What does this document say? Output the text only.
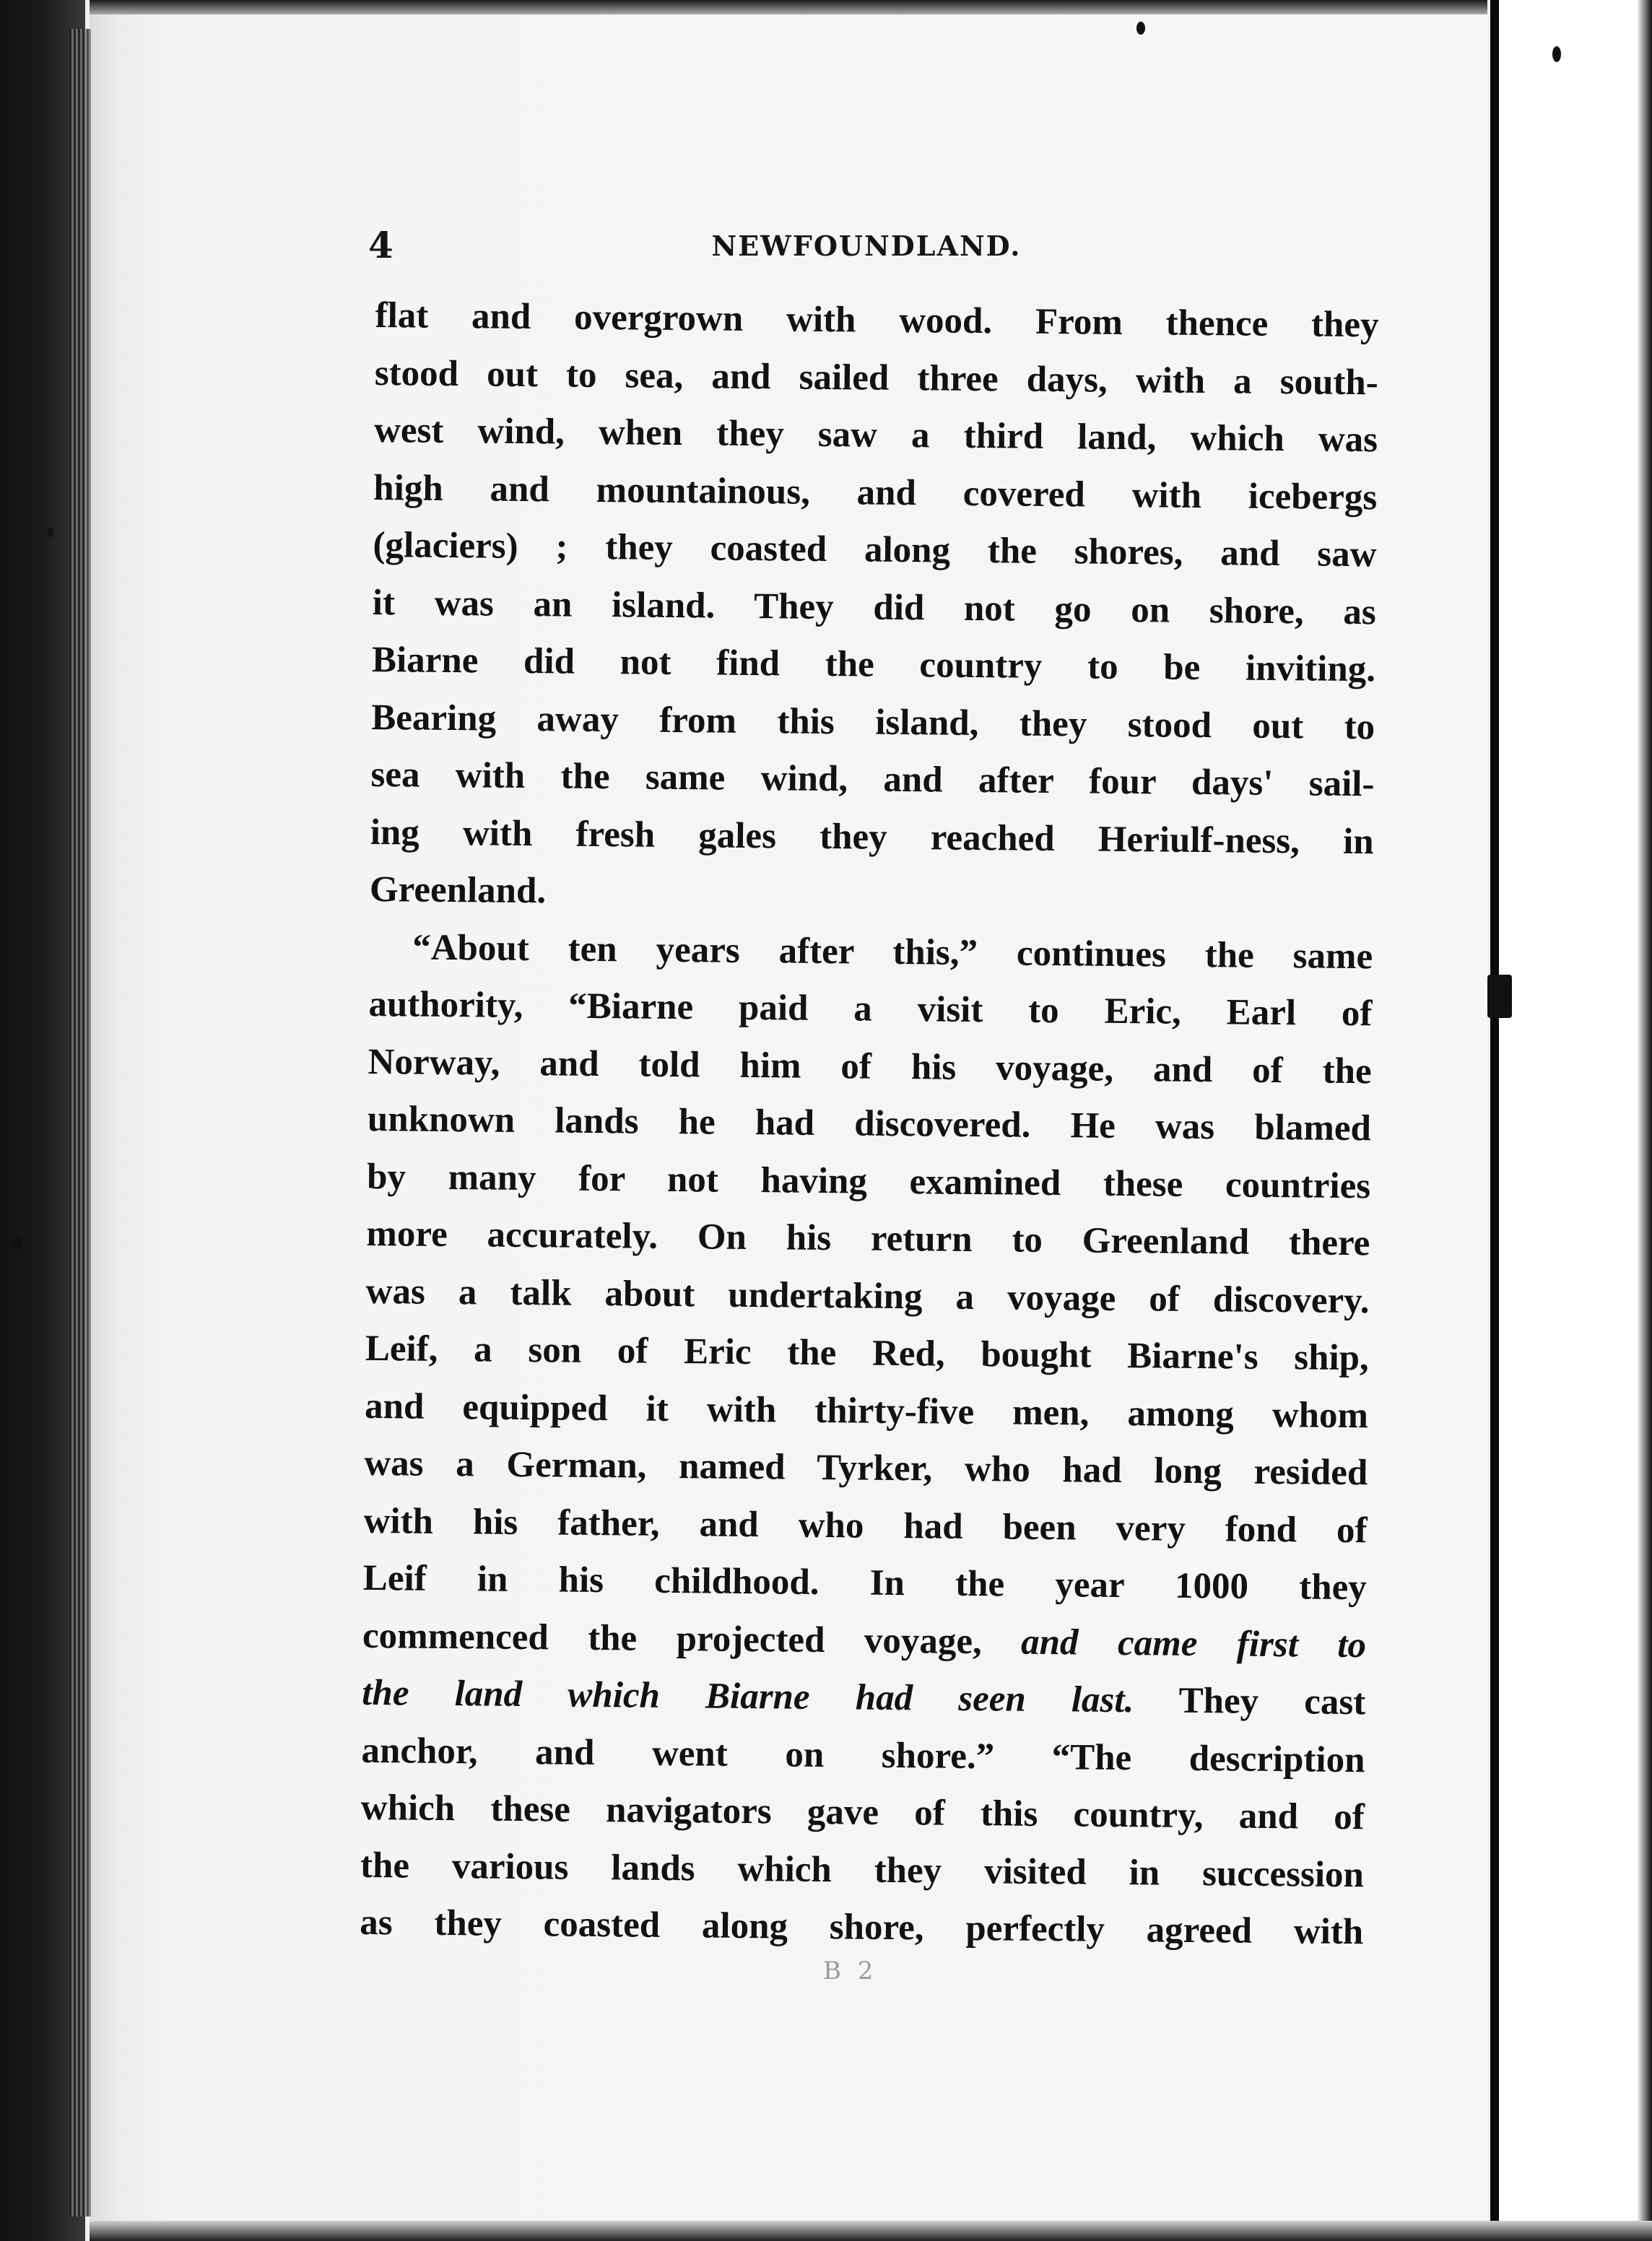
4	NEWFOUNDLAND.
flat and overgrown with wood. From thence they
stood out to sea, and sailed three days, with a south-
west wind, when they saw a third land, which was
high and mountainous, and covered with icebergs
(glaciers) ; they coasted along the shores, and saw
it was an island. They did not go on shore, as
Biarne did not find the country to be inviting.
Bearing away from this island, they stood out to
sea with the same wind, and after four days' sail-
ing with fresh gales they reached Heriulf-ness, in
Greenland.
“About ten years after this,” continues the same
authority, “Biarne paid a visit to Eric, Earl of
Norway, and told him of his voyage, and of the
unknown lands he had discovered. He was blamed
by many for not having examined these countries
more accurately. On his return to Greenland there
was a talk about undertaking a voyage of discovery.
Leif, a son of Eric the Red, bought Biarne's ship,
and equipped it with thirty-five men, among whom
was a German, named Tyrker, who had long resided
with his father, and who had been very fond of
Leif in his childhood. In the year 1000 they
commenced the projected voyage, and came first to
the land which Biarne had seen last. They cast
anchor, and went on shore.” “The description
which these navigators gave of this country, and of
the various lands which they visited in succession
as they coasted along shore, perfectly agreed with
B 2
